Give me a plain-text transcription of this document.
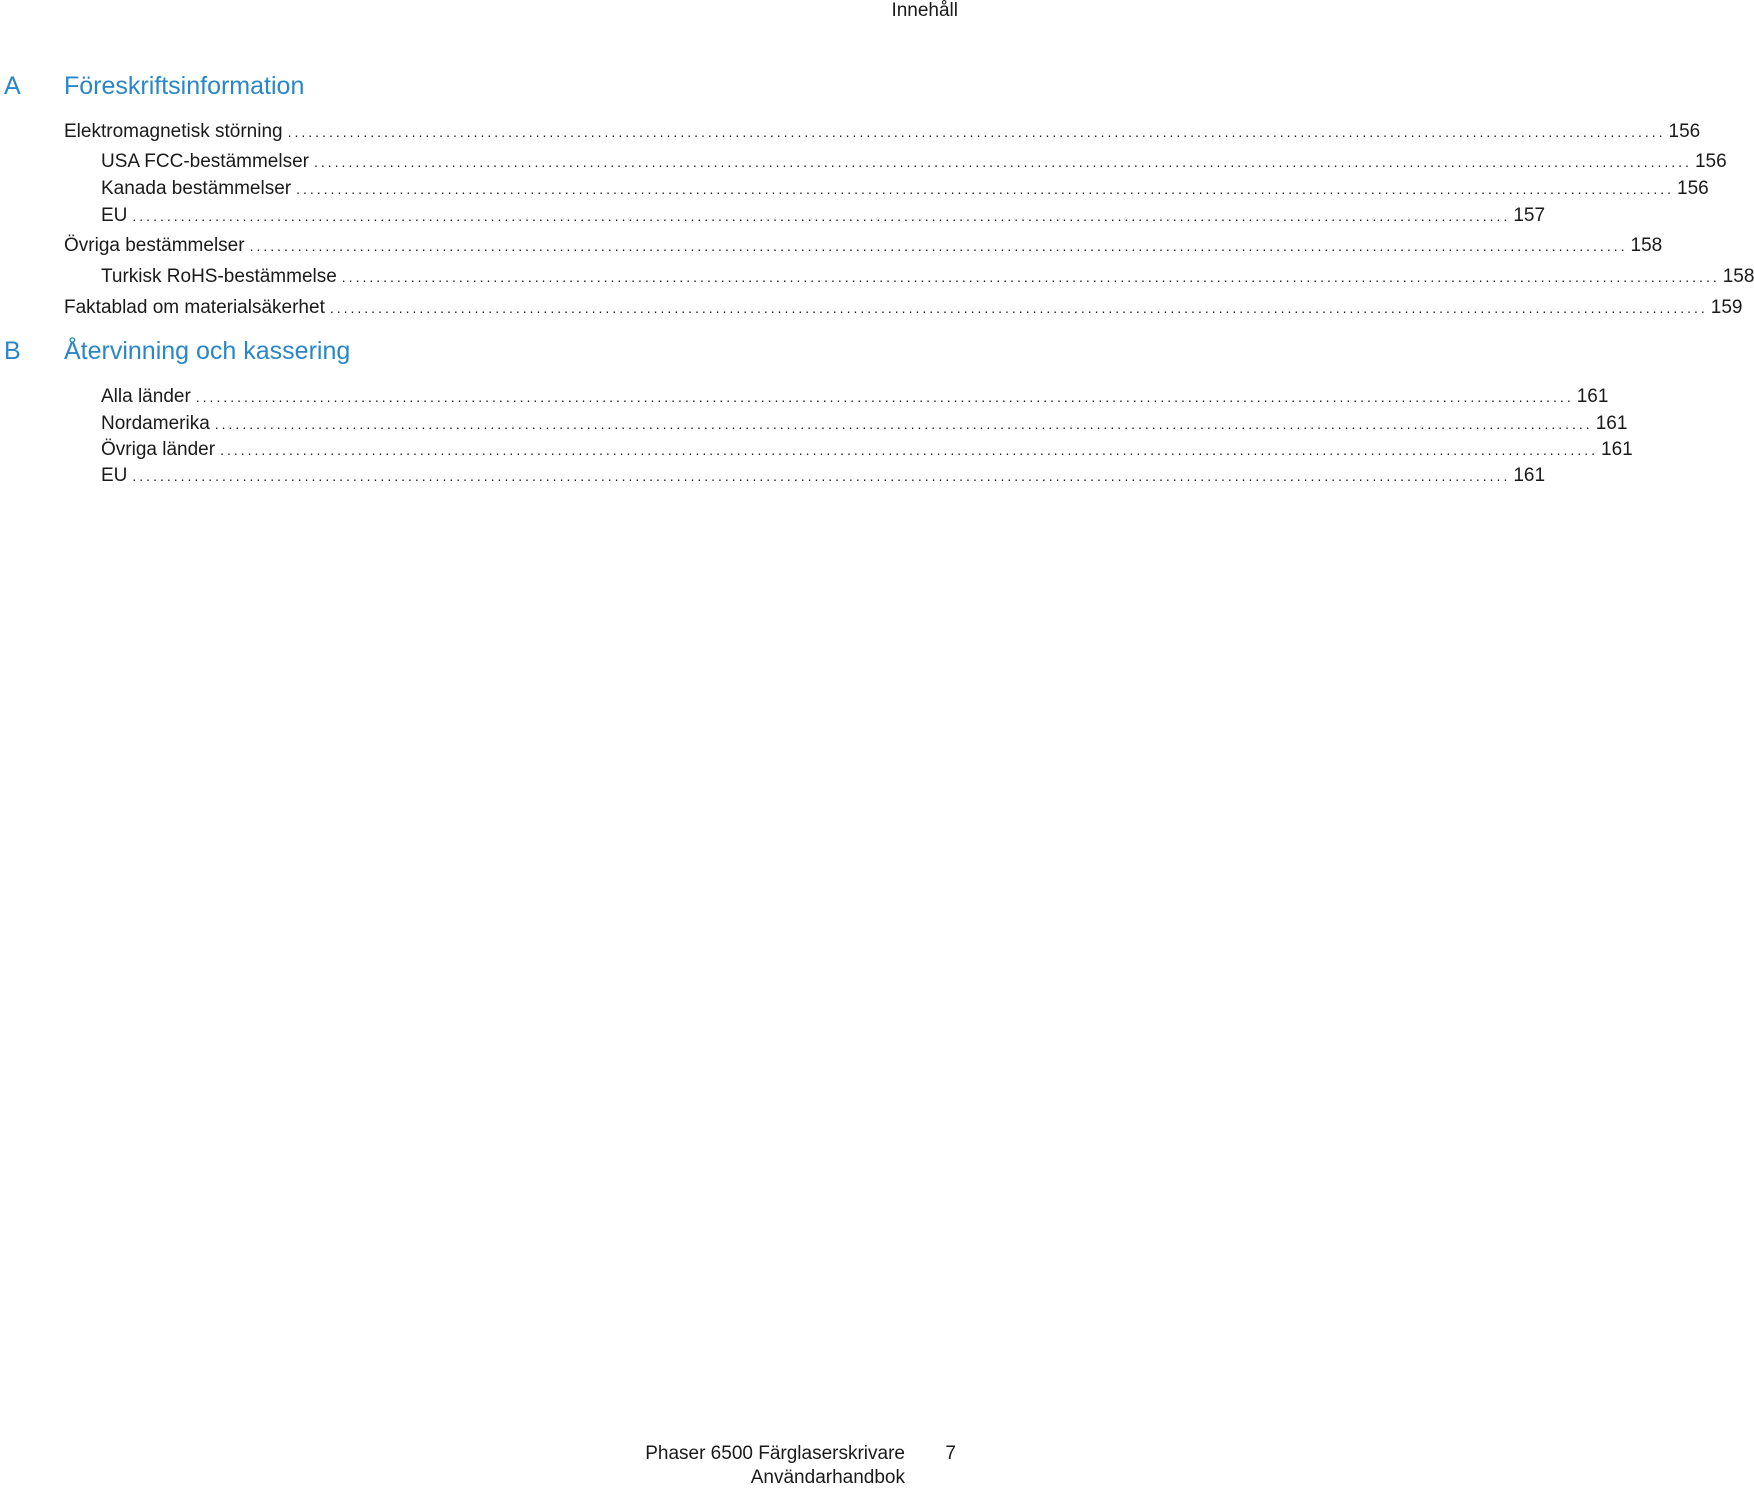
Innehåll
A Föreskriftsinformation
Elektromagnetisk störning ........................................................................................................................................................................................................ 156
USA FCC-bestämmelser ........................................................................................................................................................................................................ 156
Kanada bestämmelser ........................................................................................................................................................................................................ 156
EU ........................................................................................................................................................................................................ 157
Övriga bestämmelser ........................................................................................................................................................................................................ 158
Turkisk RoHS-bestämmelse ........................................................................................................................................................................................................ 158
Faktablad om materialsäkerhet ........................................................................................................................................................................................................ 159
B Återvinning och kassering
Alla länder ........................................................................................................................................................................................................ 161
Nordamerika ........................................................................................................................................................................................................ 161
Övriga länder ........................................................................................................................................................................................................ 161
EU ........................................................................................................................................................................................................ 161
Phaser 6500 Färglaserskrivare
Användarhandbok
7
